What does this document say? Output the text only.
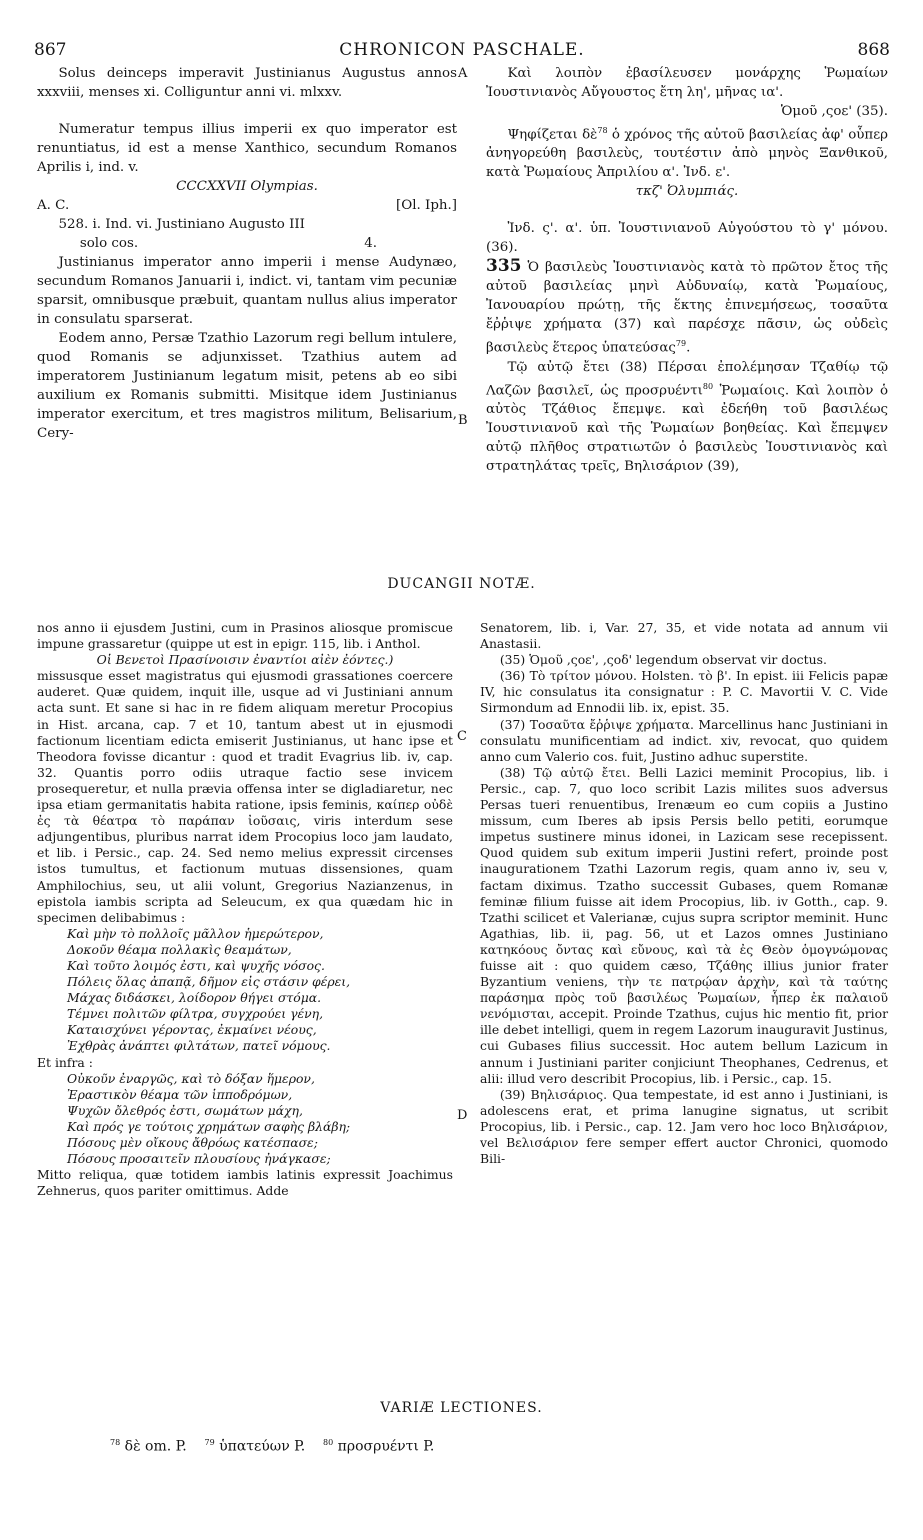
867	CHRONICON PASCHALE.	868

Solus deinceps imperavit Justinianus Augustus annos xxxviii, menses xi. Colliguntur anni vi. mlxxv.

Numeratur tempus illius imperii ex quo imperator est renuntiatus, id est a mense Xanthico, secundum Romanos Aprilis i, ind. v.

CCCXXVII Olympias.

A. C.	[Ol. Iph.]

528. i. Ind. vi. Justiniano Augusto III

solo cos.	4.

Justinianus imperator anno imperii i mense Audynæo, secundum Romanos Januarii i, indict. vi, tantam vim pecuniæ sparsit, omnibusque præbuit, quantam nullus alius imperator in consulatu sparserat.

Eodem anno, Persæ Tzathio Lazorum regi bellum intulere, quod Romanis se adjunxisset. Tzathius autem ad imperatorem Justinianum legatum misit, petens ab eo sibi auxilium ex Romanis submitti. Misitque idem Justinianus imperator exercitum, et tres magistros militum, Belisarium, Cery-

Καὶ λοιπὸν ἐβασίλευσεν μονάρχης Ῥωμαίων Ἰουστινιανὸς Αὔγουστος ἔτη λη', μῆνας ια'.

Ὁμοῦ ,ςοε' (35).

Ψηφίζεται δὲ$^{78}$ ὁ χρόνος τῆς αὐτοῦ βασιλείας ἀφ' οὗπερ ἀνηγορεύθη βασιλεὺς, τουτέστιν ἀπὸ μηνὸς Ξανθικοῦ, κατὰ Ῥωμαίους Ἀπριλίου α'. Ἰνδ. ε'.

τκζ' Ὀλυμπιάς.

Ἰνδ. ς'. α'. ὑπ. Ἰουστινιανοῦ Αὐγούστου τὸ γ' μόνου. (36).

335 Ὁ βασιλεὺς Ἰουστινιανὸς κατὰ τὸ πρῶτον ἔτος τῆς αὐτοῦ βασιλείας μηνὶ Αὐδυναίῳ, κατὰ Ῥωμαίους, Ἰανουαρίου πρώτῃ, τῆς ἕκτης ἐπινεμήσεως, τοσαῦτα ἔῤῥιψε χρήματα (37) καὶ παρέσχε πᾶσιν, ὡς οὐδεὶς βασιλεὺς ἕτερος ὑπατεύσας$^{79}$.

Τῷ αὐτῷ ἔτει (38) Πέρσαι ἐπολέμησαν Τζαθίῳ τῷ Λαζῶν βασιλεῖ, ὡς προσρυέντι$^{80}$ Ῥωμαίοις. Καὶ λοιπὸν ὁ αὐτὸς Τζάθιος ἔπεμψε. καὶ ἐδεήθη τοῦ βασιλέως Ἰουστινιανοῦ καὶ τῆς Ῥωμαίων βοηθείας. Καὶ ἔπεμψεν αὐτῷ πλῆθος στρατιωτῶν ὁ βασιλεὺς Ἰουστινιανὸς καὶ στρατηλάτας τρεῖς, Βηλισάριον (39),

A
B
C
D
DUCANGII NOTÆ.

nos anno ii ejusdem Justini, cum in Prasinos aliosque promiscue impune grassaretur (quippe ut est in epigr. 115, lib. i Anthol.

Οἱ Βενετοὶ Πρασίνοισιν ἐναντίοι αἰὲν ἐόντες.)

missusque esset magistratus qui ejusmodi grassationes coercere auderet. Quæ quidem, inquit ille, usque ad vi Justiniani annum acta sunt. Et sane si hac in re fidem aliquam meretur Procopius in Hist. arcana, cap. 7 et 10, tantum abest ut in ejusmodi factionum licentiam edicta emiserit Justinianus, ut hanc ipse et Theodora fovisse dicantur : quod et tradit Evagrius lib. iv, cap. 32. Quantis porro odiis utraque factio sese invicem prosequeretur, et nulla prævia offensa inter se digladiaretur, nec ipsa etiam germanitatis habita ratione, ipsis feminis, καίπερ οὐδὲ ἐς τὰ θέατρα τὸ παράπαν ἰοῦσαις, viris interdum sese adjungentibus, pluribus narrat idem Procopius loco jam laudato, et lib. i Persic., cap. 24. Sed nemo melius expressit circenses istos tumultus, et factionum mutuas dissensiones, quam Amphilochius, seu, ut alii volunt, Gregorius Nazianzenus, in epistola iambis scripta ad Seleucum, ex qua quædam hic in specimen delibabimus :

Καὶ μὴν τὸ πολλοῖς μᾶλλον ἡμερώτερον,
Δοκοῦν θέαμα πολλακὶς θεαμάτων,
Καὶ τοῦτο λοιμός ἐστι, καὶ ψυχῆς νόσος.
Πόλεις ὅλας ἀπαπᾷ, δῆμον εἰς στάσιν φέρει,
Μάχας διδάσκει, λοίδορον θήγει στόμα.
Τέμνει πολιτῶν φίλτρα, συγχρούει γένη,
Καταισχύνει γέροντας, ἐκμαίνει νέους,
Ἐχθρὰς ἀνάπτει φιλτάτων, πατεῖ νόμους.

Et infra :

Οὐκοῦν ἐναργῶς, καὶ τὸ δόξαν ἥμερον,
Ἐραστικὸν θέαμα τῶν ἱπποδρόμων,
Ψυχῶν ὄλεθρός ἐστι, σωμάτων μάχη,
Καὶ πρός γε τούτοις χρημάτων σαφὴς βλάβη;
Πόσους μὲν οἴκους ἄθρόως κατέσπασε;
Πόσους προσαιτεῖν πλουσίους ἠνάγκασε;

Mitto reliqua, quæ totidem iambis latinis expressit Joachimus Zehnerus, quos pariter omittimus. Adde

Senatorem, lib. i, Var. 27, 35, et vide notata ad annum vii Anastasii.

(35) Ὁμοῦ ,ςοε', ,ςοδ' legendum observat vir doctus.

(36) Τὸ τρίτον μόνου. Holsten. τὸ β'. In epist. iii Felicis papæ IV, hic consulatus ita consignatur : P. C. Mavortii V. C. Vide Sirmondum ad Ennodii lib. ix, epist. 35.

(37) Τοσαῦτα ἔῤῥιψε χρήματα. Marcellinus hanc Justiniani in consulatu munificentiam ad indict. xiv, revocat, quo quidem anno cum Valerio cos. fuit, Justino adhuc superstite.

(38) Τῷ αὐτῷ ἔτει. Belli Lazici meminit Procopius, lib. i Persic., cap. 7, quo loco scribit Lazis milites suos adversus Persas tueri renuentibus, Irenæum eo cum copiis a Justino missum, cum Iberes ab ipsis Persis bello petiti, eorumque impetus sustinere minus idonei, in Lazicam sese recepissent. Quod quidem sub exitum imperii Justini refert, proinde post inaugurationem Tzathi Lazorum regis, quam anno iv, seu v, factam diximus. Tzatho successit Gubases, quem Romanæ feminæ filium fuisse ait idem Procopius, lib. iv Gotth., cap. 9. Tzathi scilicet et Valerianæ, cujus supra scriptor meminit. Hunc Agathias, lib. ii, pag. 56, ut et Lazos omnes Justiniano κατηκόους ὄντας καὶ εὔνους, καὶ τὰ ἐς Θεὸν ὁμογνώμονας fuisse ait : quo quidem cæso, Τζάθης illius junior frater Byzantium veniens, τὴν τε πατρῴαν ἀρχὴν, καὶ τὰ ταύτης παράσημα πρὸς τοῦ βασιλέως Ῥωμαίων, ἧπερ ἐκ παλαιοῦ νενόμισται, accepit. Proinde Tzathus, cujus hic mentio fit, prior ille debet intelligi, quem in regem Lazorum inauguravit Justinus, cui Gubases filius successit. Hoc autem bellum Lazicum in annum i Justiniani pariter conjiciunt Theophanes, Cedrenus, et alii: illud vero describit Procopius, lib. i Persic., cap. 15.

(39) Βηλισάριος. Qua tempestate, id est anno i Justiniani, is adolescens erat, et prima lanugine signatus, ut scribit Procopius, lib. i Persic., cap. 12. Jam vero hoc loco Βηλισάριον, vel Βελισάριον fere semper effert auctor Chronici, quomodo Bili-

VARIÆ LECTIONES.
$^{78}$ δὲ om. P. $^{79}$ ὑπατεύων P. $^{80}$ προσρυέντι P.
